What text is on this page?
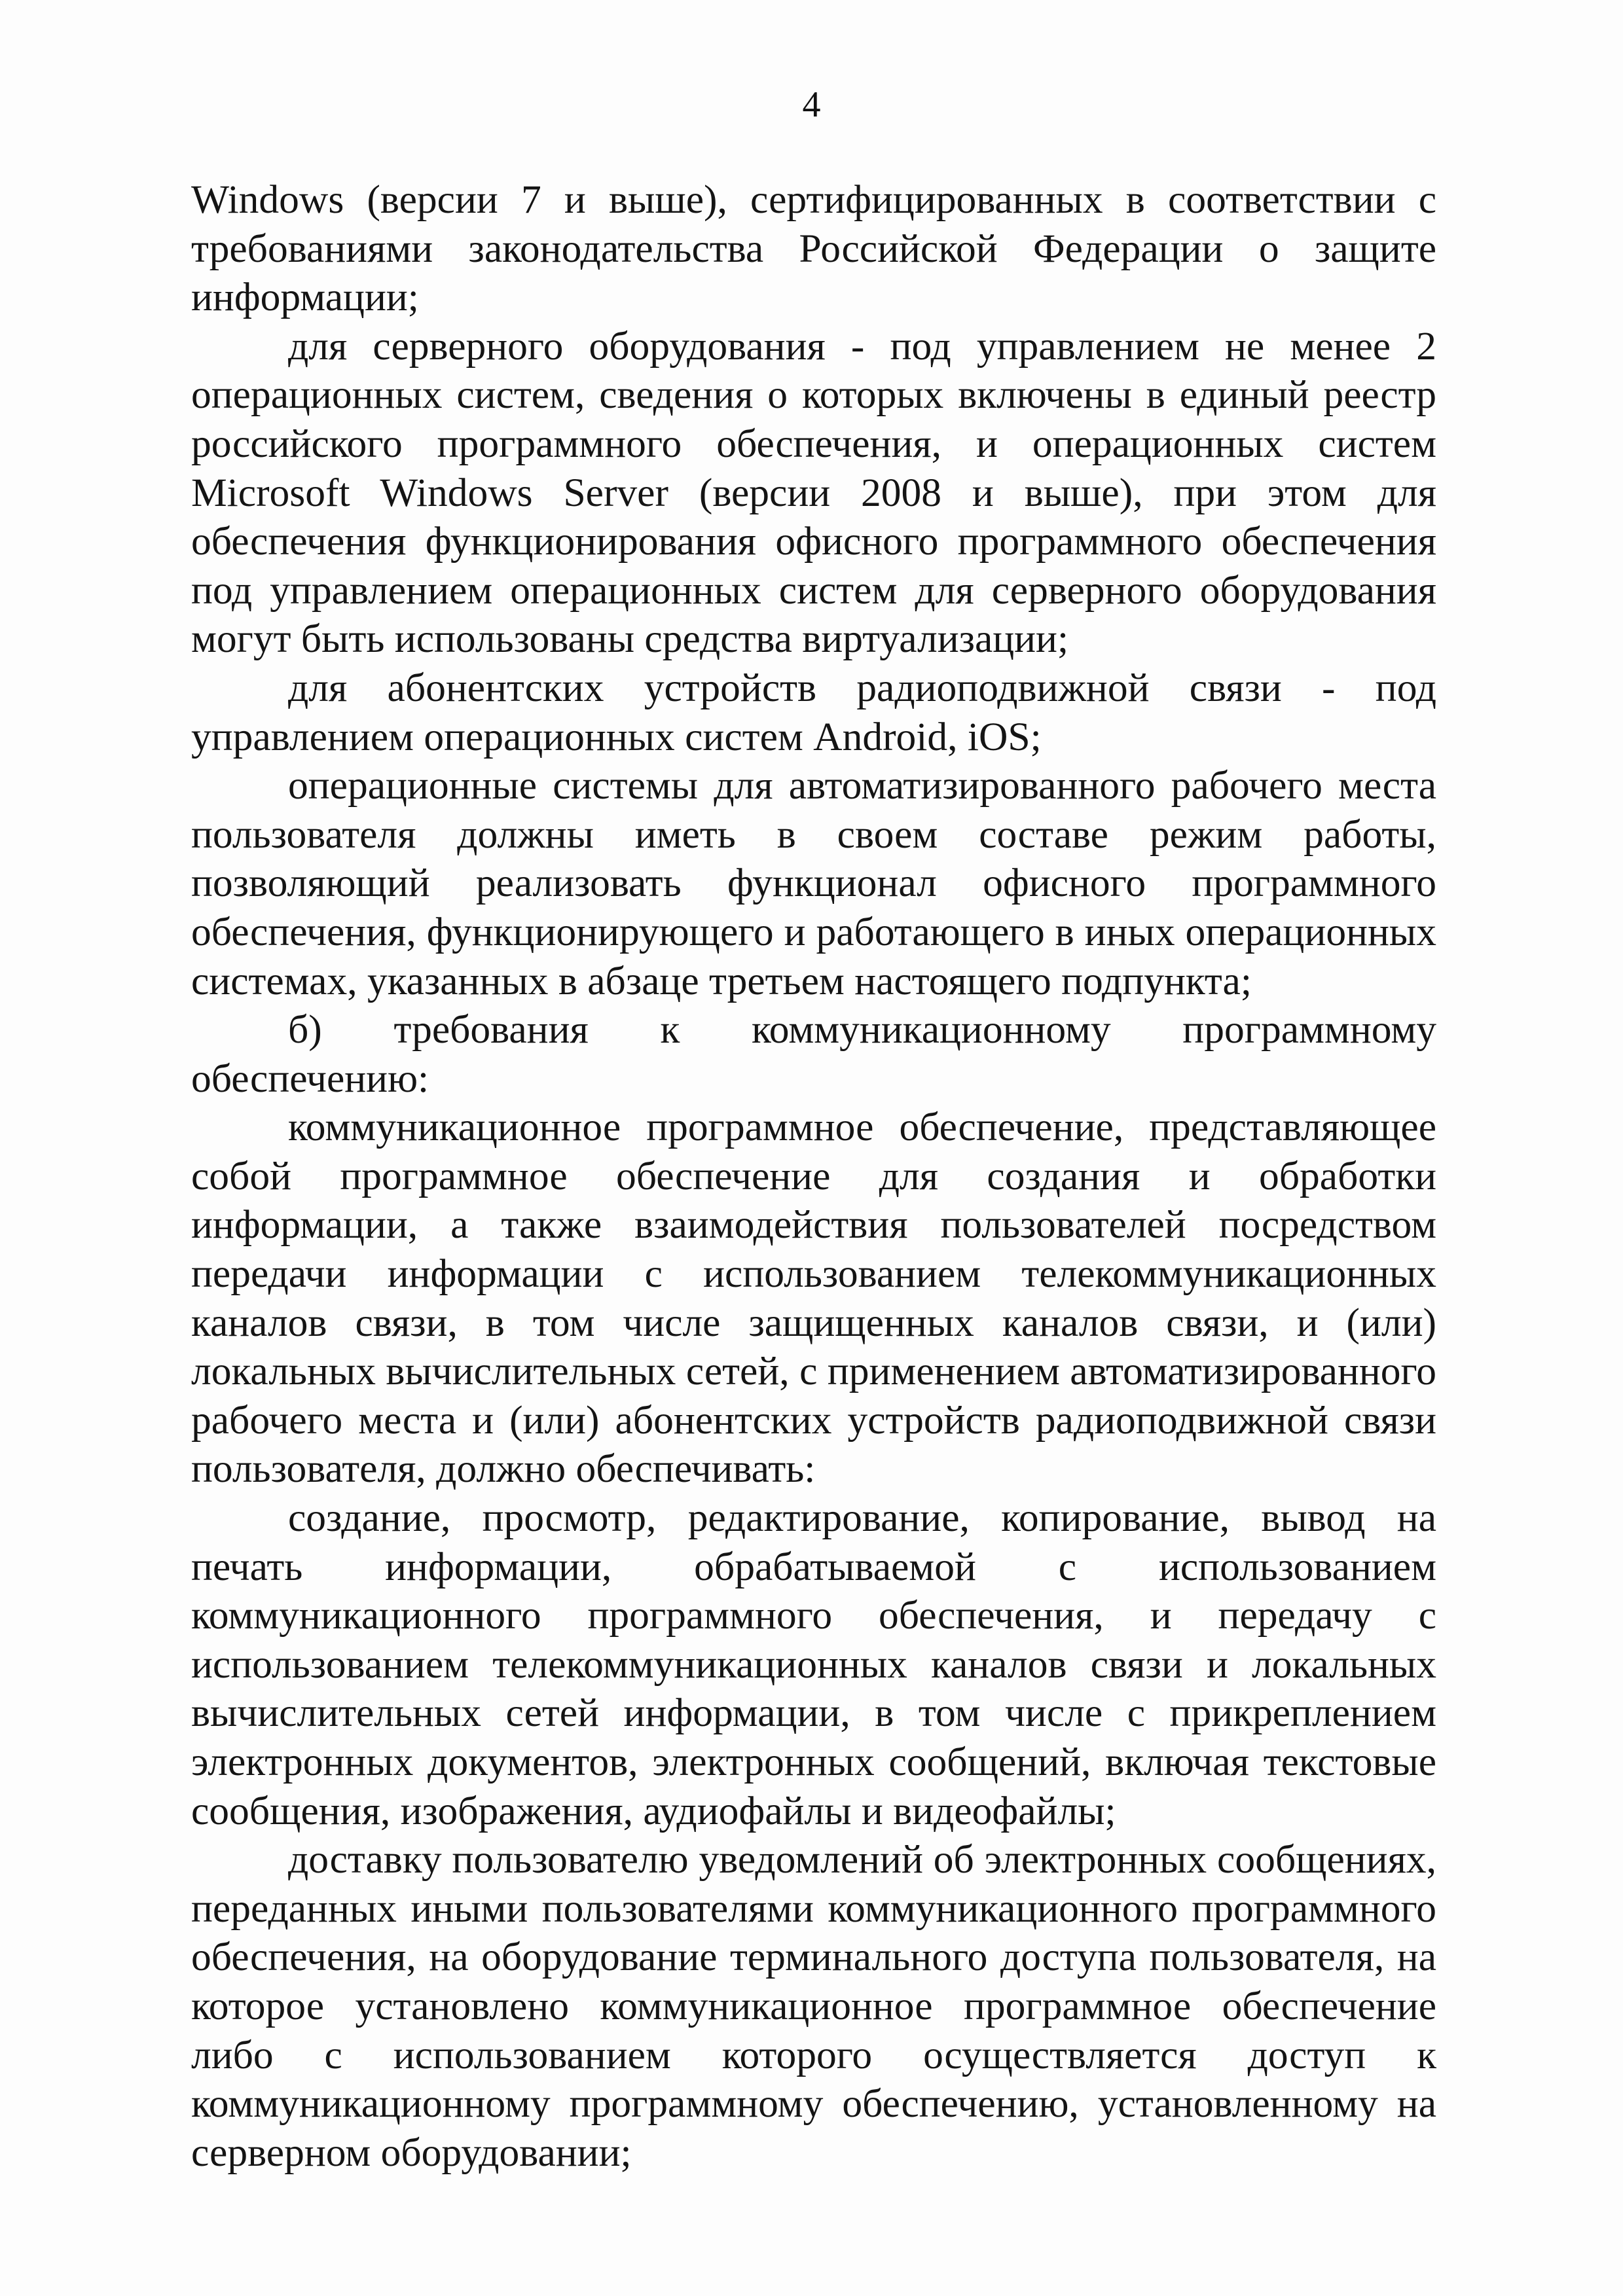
4

Windows (версии 7 и выше), сертифицированных в соответствии с требованиями законодательства Российской Федерации о защите информации;

для серверного оборудования - под управлением не менее 2 операционных систем, сведения о которых включены в единый реестр российского программного обеспечения, и операционных систем Microsoft Windows Server (версии 2008 и выше), при этом для обеспечения функционирования офисного программного обеспечения под управлением операционных систем для серверного оборудования могут быть использованы средства виртуализации;

для абонентских устройств радиоподвижной связи - под управлением операционных систем Android, iOS;

операционные системы для автоматизированного рабочего места пользователя должны иметь в своем составе режим работы, позволяющий реализовать функционал офисного программного обеспечения, функционирующего и работающего в иных операционных системах, указанных в абзаце третьем настоящего подпункта;

б) требования к коммуникационному программному обеспечению:

коммуникационное программное обеспечение, представляющее собой программное обеспечение для создания и обработки информации, а также взаимодействия пользователей посредством передачи информации с использованием телекоммуникационных каналов связи, в том числе защищенных каналов связи, и (или) локальных вычислительных сетей, с применением автоматизированного рабочего места и (или) абонентских устройств радиоподвижной связи пользователя, должно обеспечивать:

создание, просмотр, редактирование, копирование, вывод на печать информации, обрабатываемой с использованием коммуникационного программного обеспечения, и передачу с использованием телекоммуникационных каналов связи и локальных вычислительных сетей информации, в том числе с прикреплением электронных документов, электронных сообщений, включая текстовые сообщения, изображения, аудиофайлы и видеофайлы;

доставку пользователю уведомлений об электронных сообщениях, переданных иными пользователями коммуникационного программного обеспечения, на оборудование терминального доступа пользователя, на которое установлено коммуникационное программное обеспечение либо с использованием которого осуществляется доступ к коммуникационному программному обеспечению, установленному на серверном оборудовании;
